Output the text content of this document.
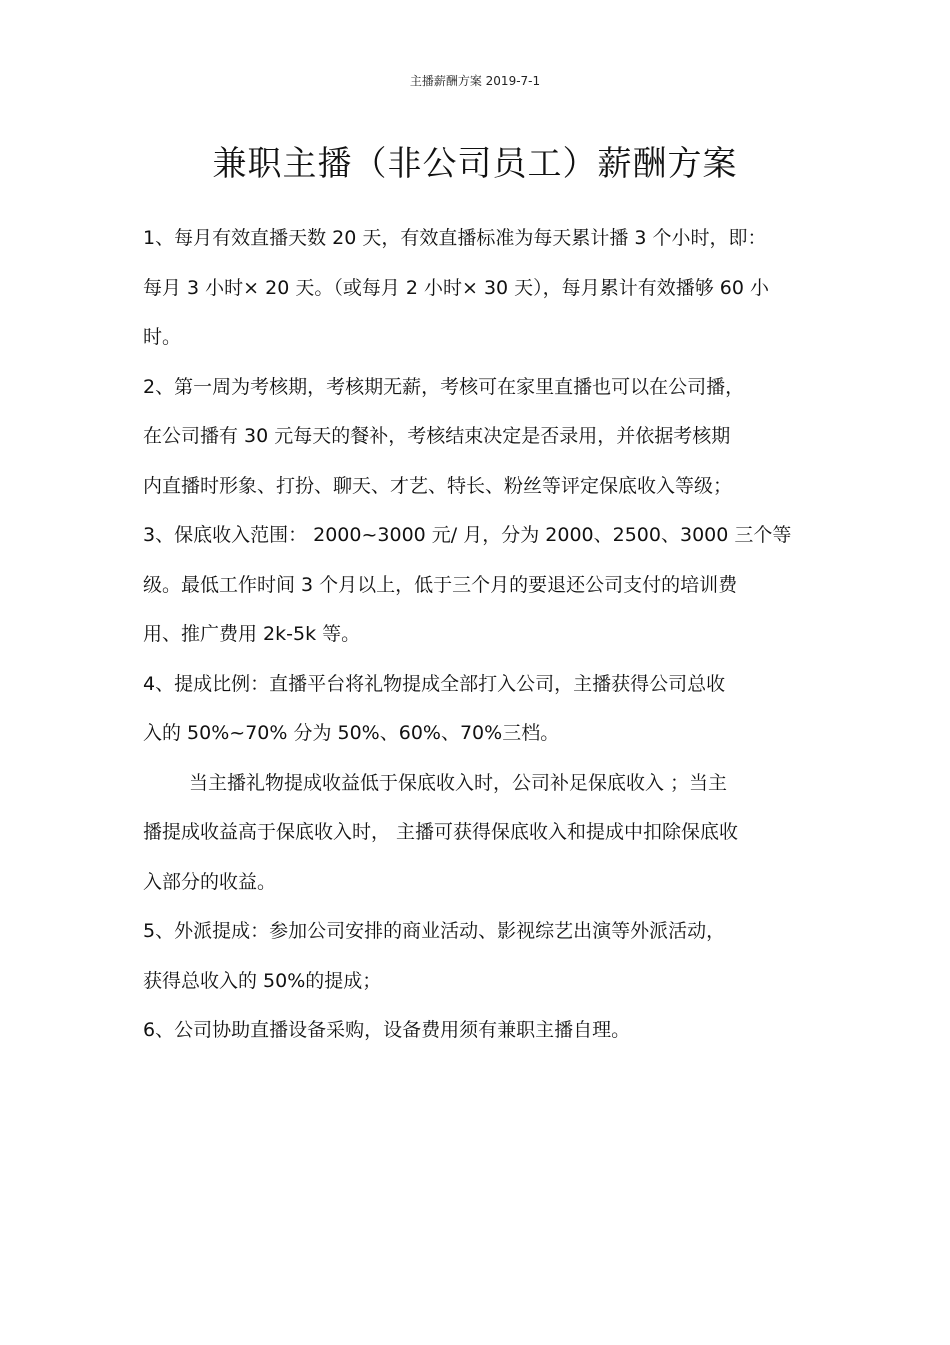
主播薪酬方案 2019-7-1
兼职主播（非公司员工）薪酬方案
1、每月有效直播天数 20 天，有效直播标准为每天累计播 3 个小时，即：
每月 3 小时× 20 天。（或每月 2 小时× 30 天），每月累计有效播够 60 小
时。
2、第一周为考核期，考核期无薪，考核可在家里直播也可以在公司播，
在公司播有 30 元每天的餐补，考核结束决定是否录用，并依据考核期
内直播时形象、打扮、聊天、才艺、特长、粉丝等评定保底收入等级；
3、保底收入范围： 2000~3000 元/ 月，分为 2000、2500、3000 三个等
级。最低工作时间 3 个月以上，低于三个月的要退还公司支付的培训费
用、推广费用 2k-5k 等。
4、提成比例：直播平台将礼物提成全部打入公司，主播获得公司总收
入的 50%~70% 分为 50%、60%、70%三档。
当主播礼物提成收益低于保底收入时，公司补足保底收入 ；当主
播提成收益高于保底收入时， 主播可获得保底收入和提成中扣除保底收
入部分的收益。
5、外派提成：参加公司安排的商业活动、影视综艺出演等外派活动，
获得总收入的 50%的提成；
6、公司协助直播设备采购，设备费用须有兼职主播自理。
